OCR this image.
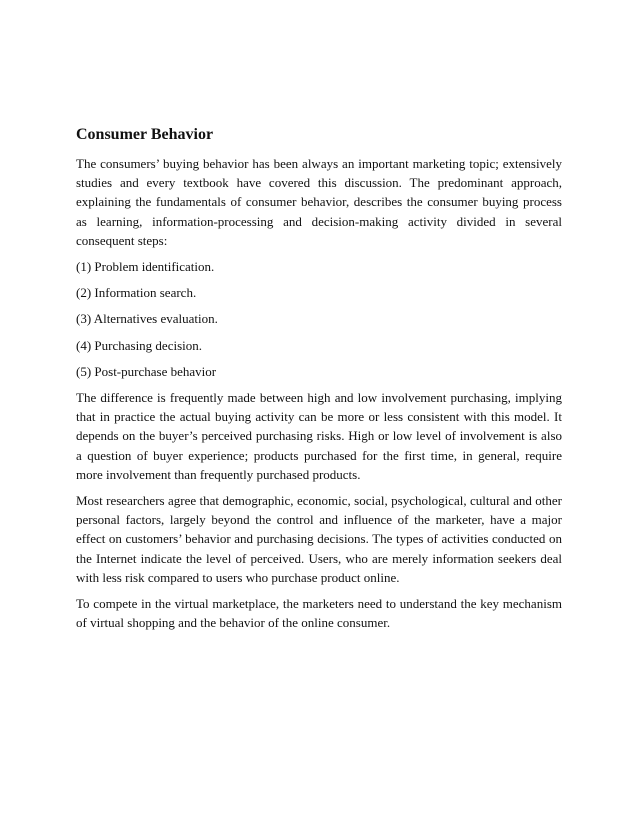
Consumer Behavior

The consumers’ buying behavior has been always an important marketing topic; extensively studies and every textbook have covered this discussion. The predominant approach, explaining the fundamentals of consumer behavior, describes the consumer buying process as learning, information-processing and decision-making activity divided in several consequent steps:

(1) Problem identification.

(2) Information search.

(3) Alternatives evaluation.

(4) Purchasing decision.

(5) Post-purchase behavior

The difference is frequently made between high and low involvement purchasing, implying that in practice the actual buying activity can be more or less consistent with this model. It depends on the buyer’s perceived purchasing risks. High or low level of involvement is also a question of buyer experience; products purchased for the first time, in general, require more involvement than frequently purchased products.

Most researchers agree that demographic, economic, social, psychological, cultural and other personal factors, largely beyond the control and influence of the marketer, have a major effect on customers’ behavior and purchasing decisions. The types of activities conducted on the Internet indicate the level of perceived. Users, who are merely information seekers deal with less risk compared to users who purchase product online.

To compete in the virtual marketplace, the marketers need to understand the key mechanism of virtual shopping and the behavior of the online consumer.
